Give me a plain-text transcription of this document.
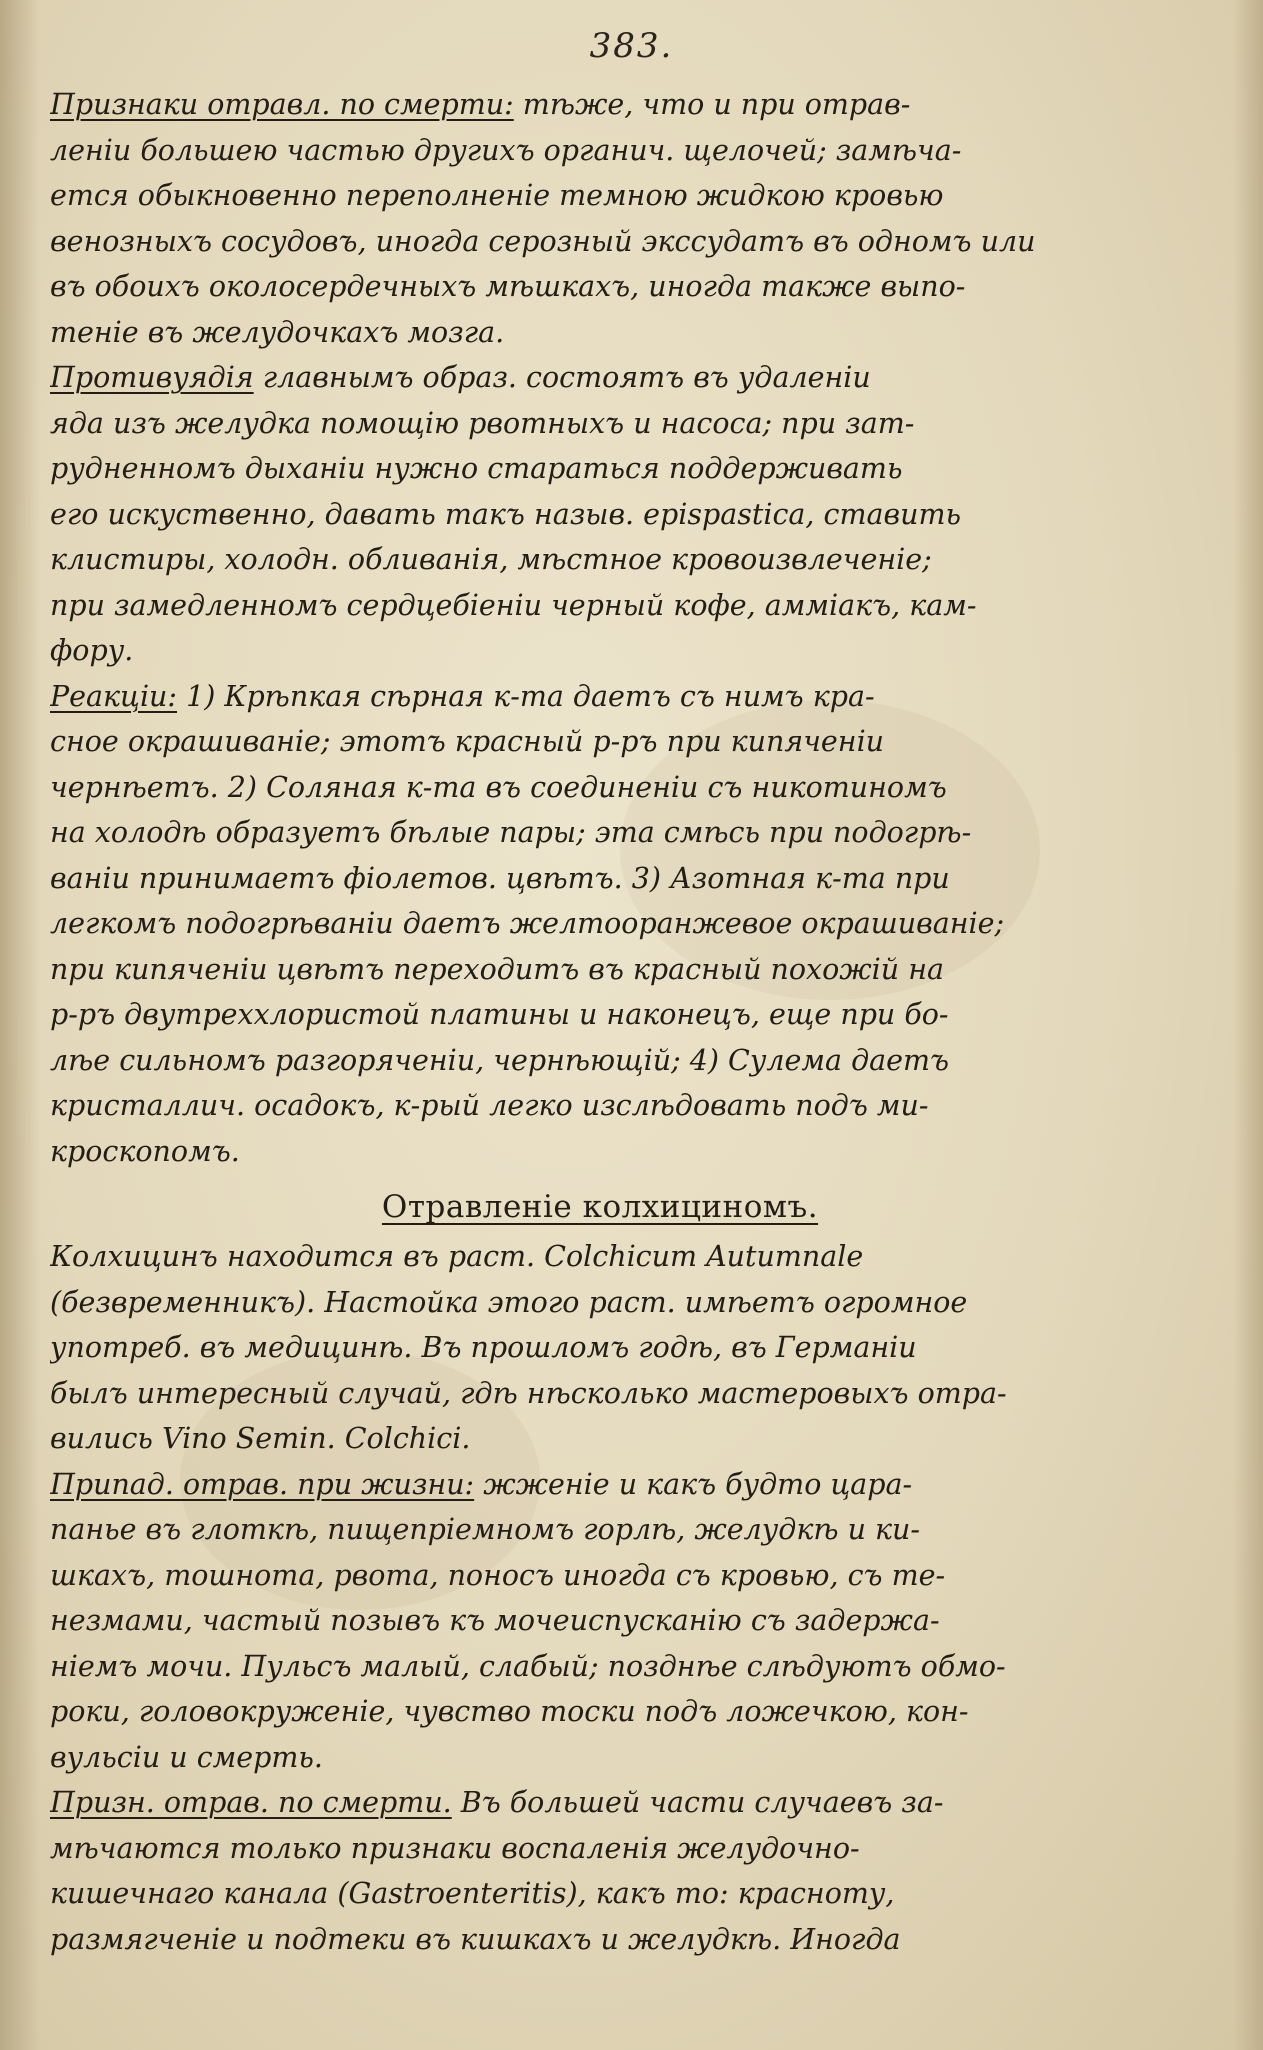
383.
Признаки отравл. по смерти: тѣже, что и при отрав-
леніи большею частью другихъ органич. щелочей; замѣча-
ется обыкновенно переполненіе темною жидкою кровью
венозныхъ сосудовъ, иногда серозный экссудатъ въ одномъ или
въ обоихъ околосердечныхъ мѣшкахъ, иногда также выпо-
теніе въ желудочкахъ мозга.
Противуядія главнымъ образ. состоятъ въ удаленіи
яда изъ желудка помощію рвотныхъ и насоса; при зат-
рудненномъ дыханіи нужно стараться поддерживать
его искуственно, давать такъ назыв. epispastica, ставить
клистиры, холодн. обливанія, мѣстное кровоизвлеченіе;
при замедленномъ сердцебіеніи черный кофе, аммiакъ, кам-
фору.
Реакціи: 1) Крѣпкая сѣрная к-та даетъ съ нимъ кра-
сное окрашиваніе; этотъ красный р-ръ при кипяченіи
чернѣетъ. 2) Соляная к-та въ соединеніи съ никотиномъ
на холодѣ образуетъ бѣлые пары; эта смѣсь при подогрѣ-
ваніи принимаетъ фіолетов. цвѣтъ. 3) Азотная к-та при
легкомъ подогрѣваніи даетъ желтооранжевое окрашиваніе;
при кипяченіи цвѣтъ переходитъ въ красный похожій на
р-ръ двутреххлористой платины и наконецъ, еще при бо-
лѣе сильномъ разгоряченіи, чернѣющій; 4) Сулема даетъ
кристаллич. осадокъ, к-рый легко изслѣдовать подъ ми-
кроскопомъ.
Отравленіе колхициномъ.
Колхицинъ находится въ раст. Colchicum Autumnale
(безвременникъ). Настойка этого раст. имѣетъ огромное
употреб. въ медицинѣ. Въ прошломъ годѣ, въ Германіи
былъ интересный случай, гдѣ нѣсколько мастеровыхъ отра-
вились Vino Semin. Colchici.
Припад. отрав. при жизни: жженіе и какъ будто цара-
панье въ глоткѣ, пищепріемномъ горлѣ, желудкѣ и ки-
шкахъ, тошнота, рвота, поносъ иногда съ кровью, съ те-
незмами, частый позывъ къ мочеиспусканію съ задержа-
ніемъ мочи. Пульсъ малый, слабый; позднѣе слѣдуютъ обмо-
роки, головокруженіе, чувство тоски подъ ложечкою, кон-
вульсіи и смерть.
Призн. отрав. по смерти. Въ большей части случаевъ за-
мѣчаются только признаки воспаленія желудочно-
кишечнаго канала (Gastroenteritis), какъ то: красноту,
размягченіе и подтеки въ кишкахъ и желудкѣ. Иногда
